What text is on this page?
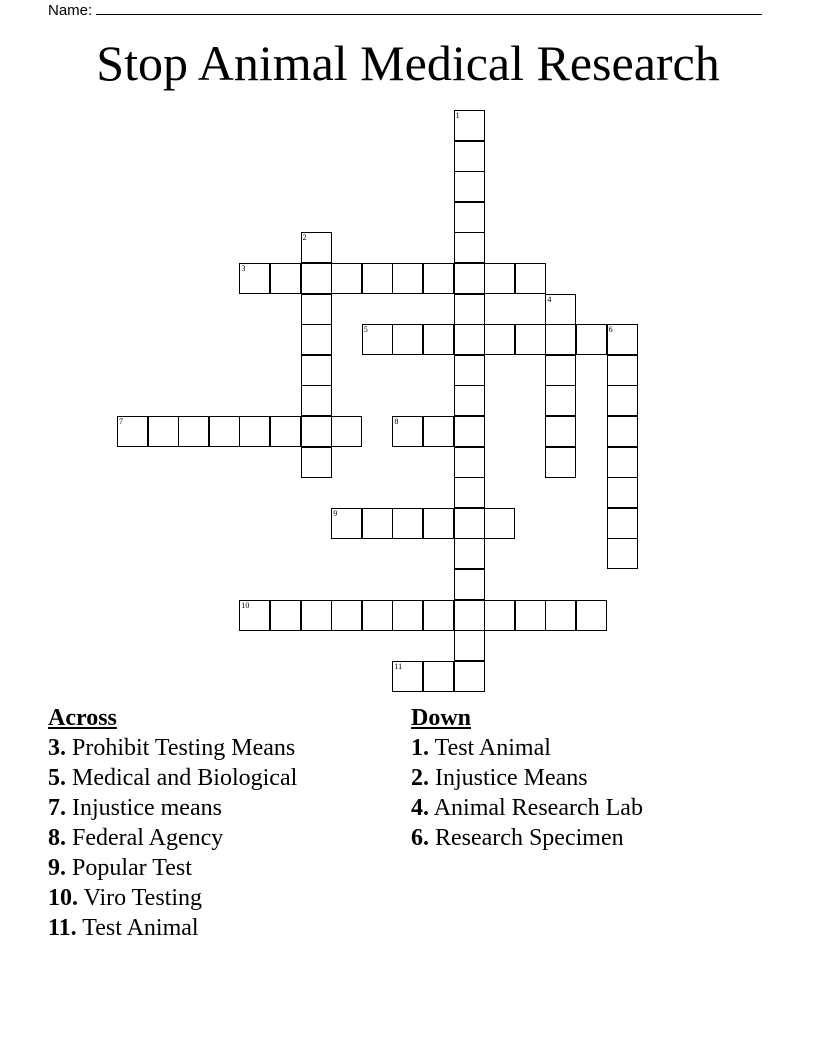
Name:
Stop Animal Medical Research
3
5	6
7	8
9
10
11
1
2
4
Across
3. Prohibit Testing Means
5. Medical and Biological
7. Injustice means
8. Federal Agency
9. Popular Test
10. Viro Testing
11. Test Animal
Down
1. Test Animal
2. Injustice Means
4. Animal Research Lab
6. Research Specimen
